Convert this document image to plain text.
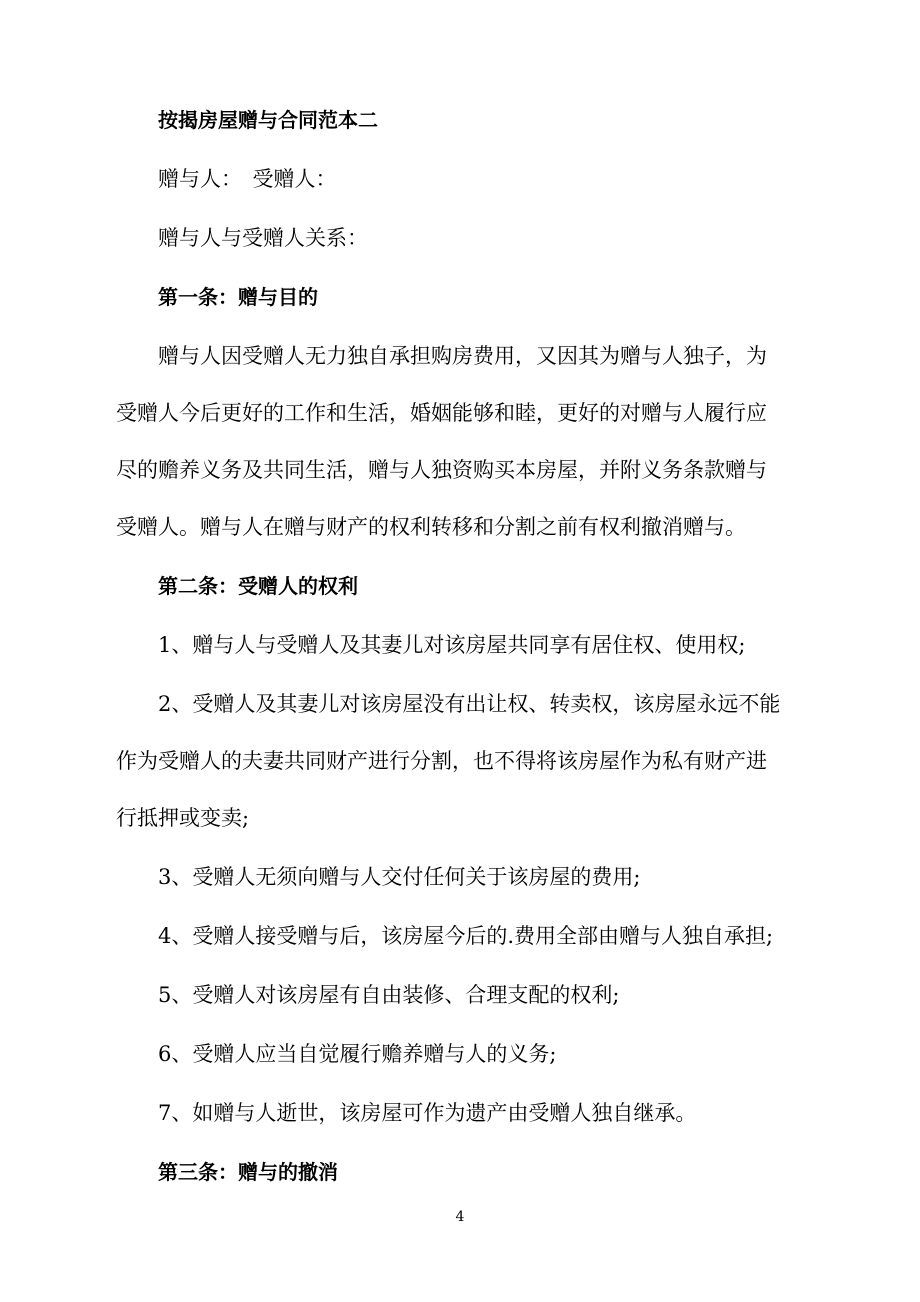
按揭房屋赠与合同范本二

赠与人：　受赠人：

赠与人与受赠人关系：

第一条：赠与目的

赠与人因受赠人无力独自承担购房费用，又因其为赠与人独子，为

受赠人今后更好的工作和生活，婚姻能够和睦，更好的对赠与人履行应

尽的赡养义务及共同生活，赠与人独资购买本房屋，并附义务条款赠与

受赠人。赠与人在赠与财产的权利转移和分割之前有权利撤消赠与。

第二条：受赠人的权利

1、赠与人与受赠人及其妻儿对该房屋共同享有居住权、使用权;

2、受赠人及其妻儿对该房屋没有出让权、转卖权，该房屋永远不能

作为受赠人的夫妻共同财产进行分割，也不得将该房屋作为私有财产进

行抵押或变卖;

3、受赠人无须向赠与人交付任何关于该房屋的费用;

4、受赠人接受赠与后，该房屋今后的.费用全部由赠与人独自承担;

5、受赠人对该房屋有自由装修、合理支配的权利;

6、受赠人应当自觉履行赡养赠与人的义务;

7、如赠与人逝世，该房屋可作为遗产由受赠人独自继承。

第三条：赠与的撤消

4
